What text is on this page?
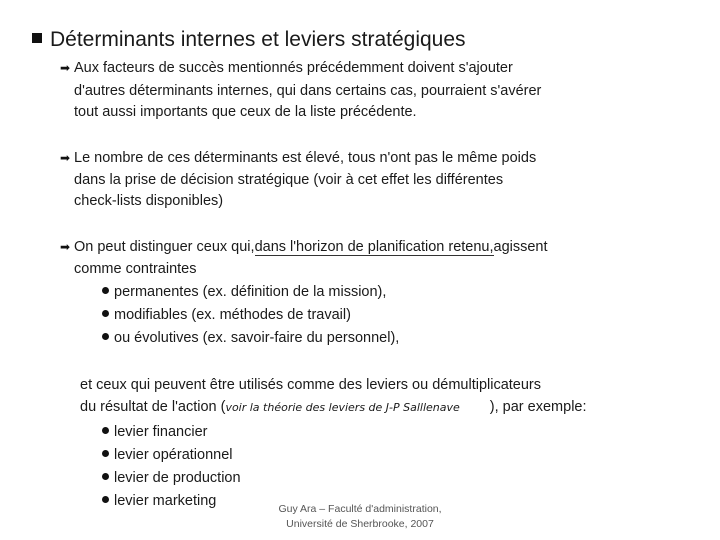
Déterminants internes et leviers stratégiques
➡ Aux facteurs de succès mentionnés précédemment doivent s'ajouter
d'autres déterminants internes, qui dans certains cas, pourraient s'avérer
tout aussi importants que ceux de la liste précédente.
➡ Le nombre de ces déterminants est élevé, tous n'ont pas le même poids
dans la prise de décision stratégique (voir à cet effet les différentes
check-lists disponibles)
➡ On peut distinguer ceux qui,dans l'horizon de planification retenu,agissent
comme contraintes
permanentes (ex. définition de la mission),
modifiables (ex. méthodes de travail)
ou évolutives (ex. savoir-faire du personnel),
et ceux qui peuvent être utilisés comme des leviers ou démultiplicateurs
du résultat de l'action (voir la théorie des leviers de J-P Salllenave ), par exemple:
levier financier
levier opérationnel
levier de production
levier marketing	Guy Ara – Faculté d'administration,
Université de Sherbrooke, 2007
